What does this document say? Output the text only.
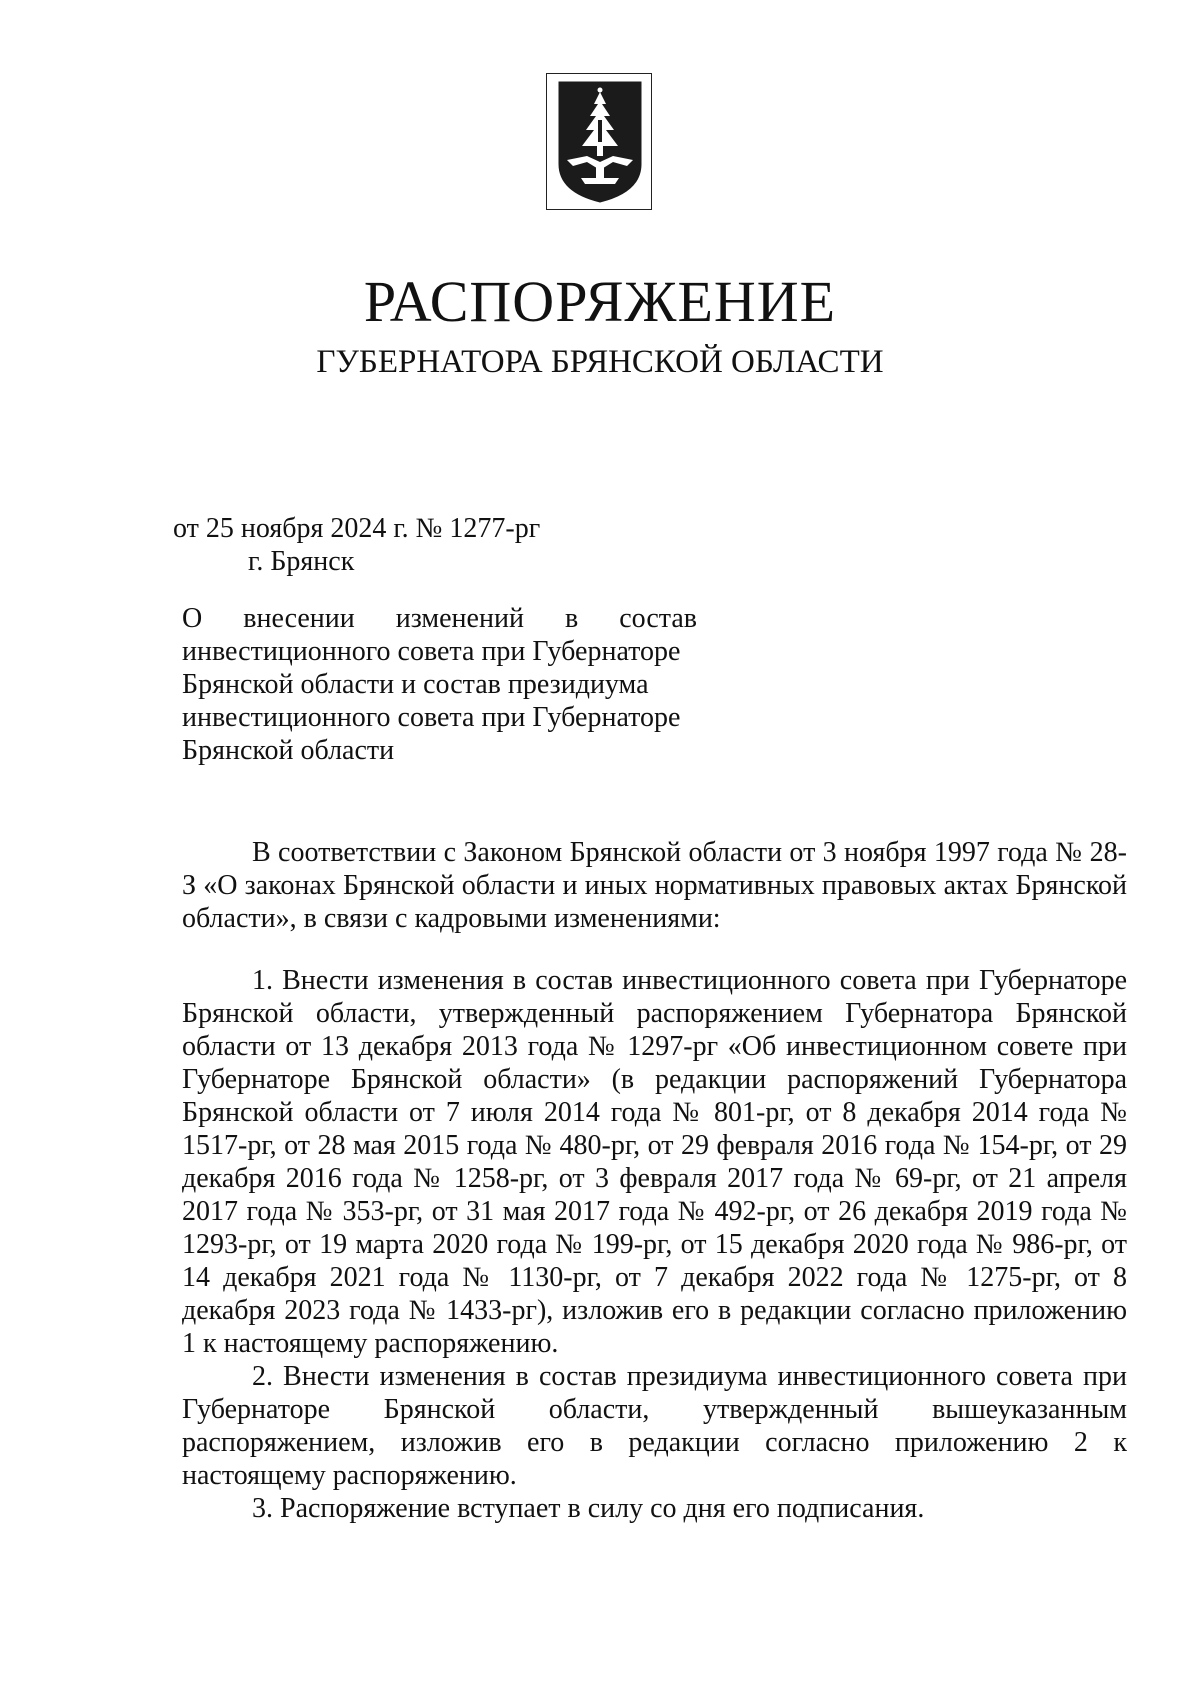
РАСПОРЯЖЕНИЕ
ГУБЕРНАТОРА БРЯНСКОЙ ОБЛАСТИ
от 25 ноября 2024 г. № 1277-рг
г. Брянск
О внесении изменений в состав
инвестиционного совета при Губернаторе
Брянской области и состав президиума
инвестиционного совета при Губернаторе
Брянской области

В соответствии с Законом Брянской области от 3 ноября 1997 года № 28-З «О законах Брянской области и иных нормативных правовых актах Брянской области», в связи с кадровыми изменениями:

1. Внести изменения в состав инвестиционного совета при Губернаторе Брянской области, утвержденный распоряжением Губернатора Брянской области от 13 декабря 2013 года № 1297-рг «Об инвестиционном совете при Губернаторе Брянской области» (в редакции распоряжений Губернатора Брянской области от 7 июля 2014 года № 801-рг, от 8 декабря 2014 года № 1517-рг, от 28 мая 2015 года № 480-рг, от 29 февраля 2016 года № 154-рг, от 29 декабря 2016 года № 1258-рг, от 3 февраля 2017 года № 69-рг, от 21 апреля 2017 года № 353-рг, от 31 мая 2017 года № 492-рг, от 26 декабря 2019 года № 1293-рг, от 19 марта 2020 года № 199-рг, от 15 декабря 2020 года № 986-рг, от 14 декабря 2021 года № 1130-рг, от 7 декабря 2022 года № 1275-рг, от 8 декабря 2023 года № 1433-рг), изложив его в редакции согласно приложению 1 к настоящему распоряжению.

2. Внести изменения в состав президиума инвестиционного совета при Губернаторе Брянской области, утвержденный вышеуказанным распоряжением, изложив его в редакции согласно приложению 2 к настоящему распоряжению.

3. Распоряжение вступает в силу со дня его подписания.
